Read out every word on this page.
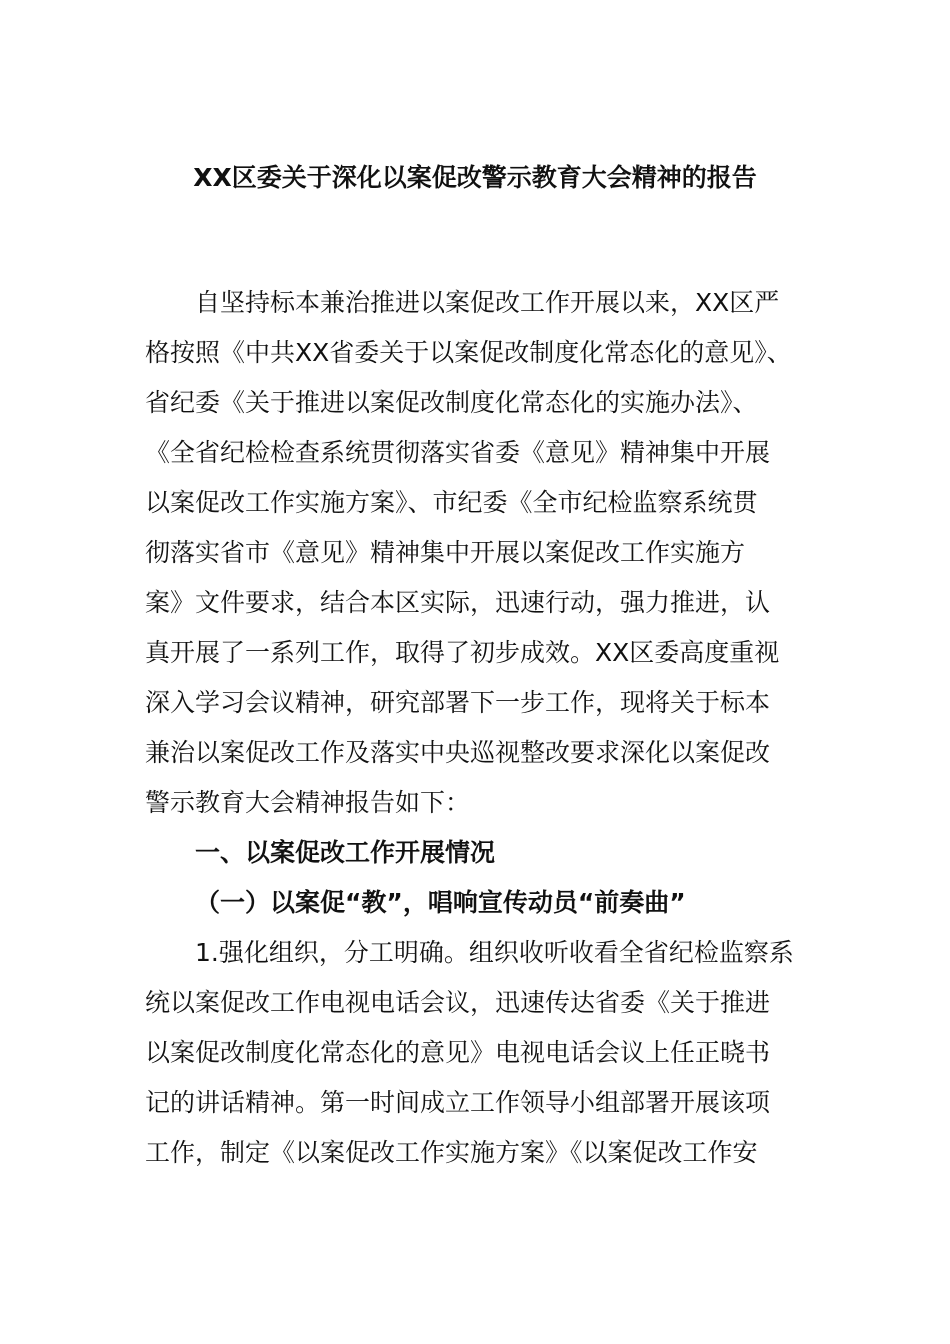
XX区委关于深化以案促改警示教育大会精神的报告
自坚持标本兼治推进以案促改工作开展以来，XX区严
格按照《中共XX省委关于以案促改制度化常态化的意见》、
省纪委《关于推进以案促改制度化常态化的实施办法》、
《全省纪检检查系统贯彻落实省委《意见》精神集中开展
以案促改工作实施方案》、市纪委《全市纪检监察系统贯
彻落实省市《意见》精神集中开展以案促改工作实施方
案》文件要求，结合本区实际，迅速行动，强力推进，认
真开展了一系列工作，取得了初步成效。XX区委高度重视
深入学习会议精神，研究部署下一步工作，现将关于标本
兼治以案促改工作及落实中央巡视整改要求深化以案促改
警示教育大会精神报告如下：
一、以案促改工作开展情况
（一）以案促“教”，唱响宣传动员“前奏曲”
1.强化组织，分工明确。组织收听收看全省纪检监察系
统以案促改工作电视电话会议，迅速传达省委《关于推进
以案促改制度化常态化的意见》电视电话会议上任正晓书
记的讲话精神。第一时间成立工作领导小组部署开展该项
工作，制定《以案促改工作实施方案》《以案促改工作安
